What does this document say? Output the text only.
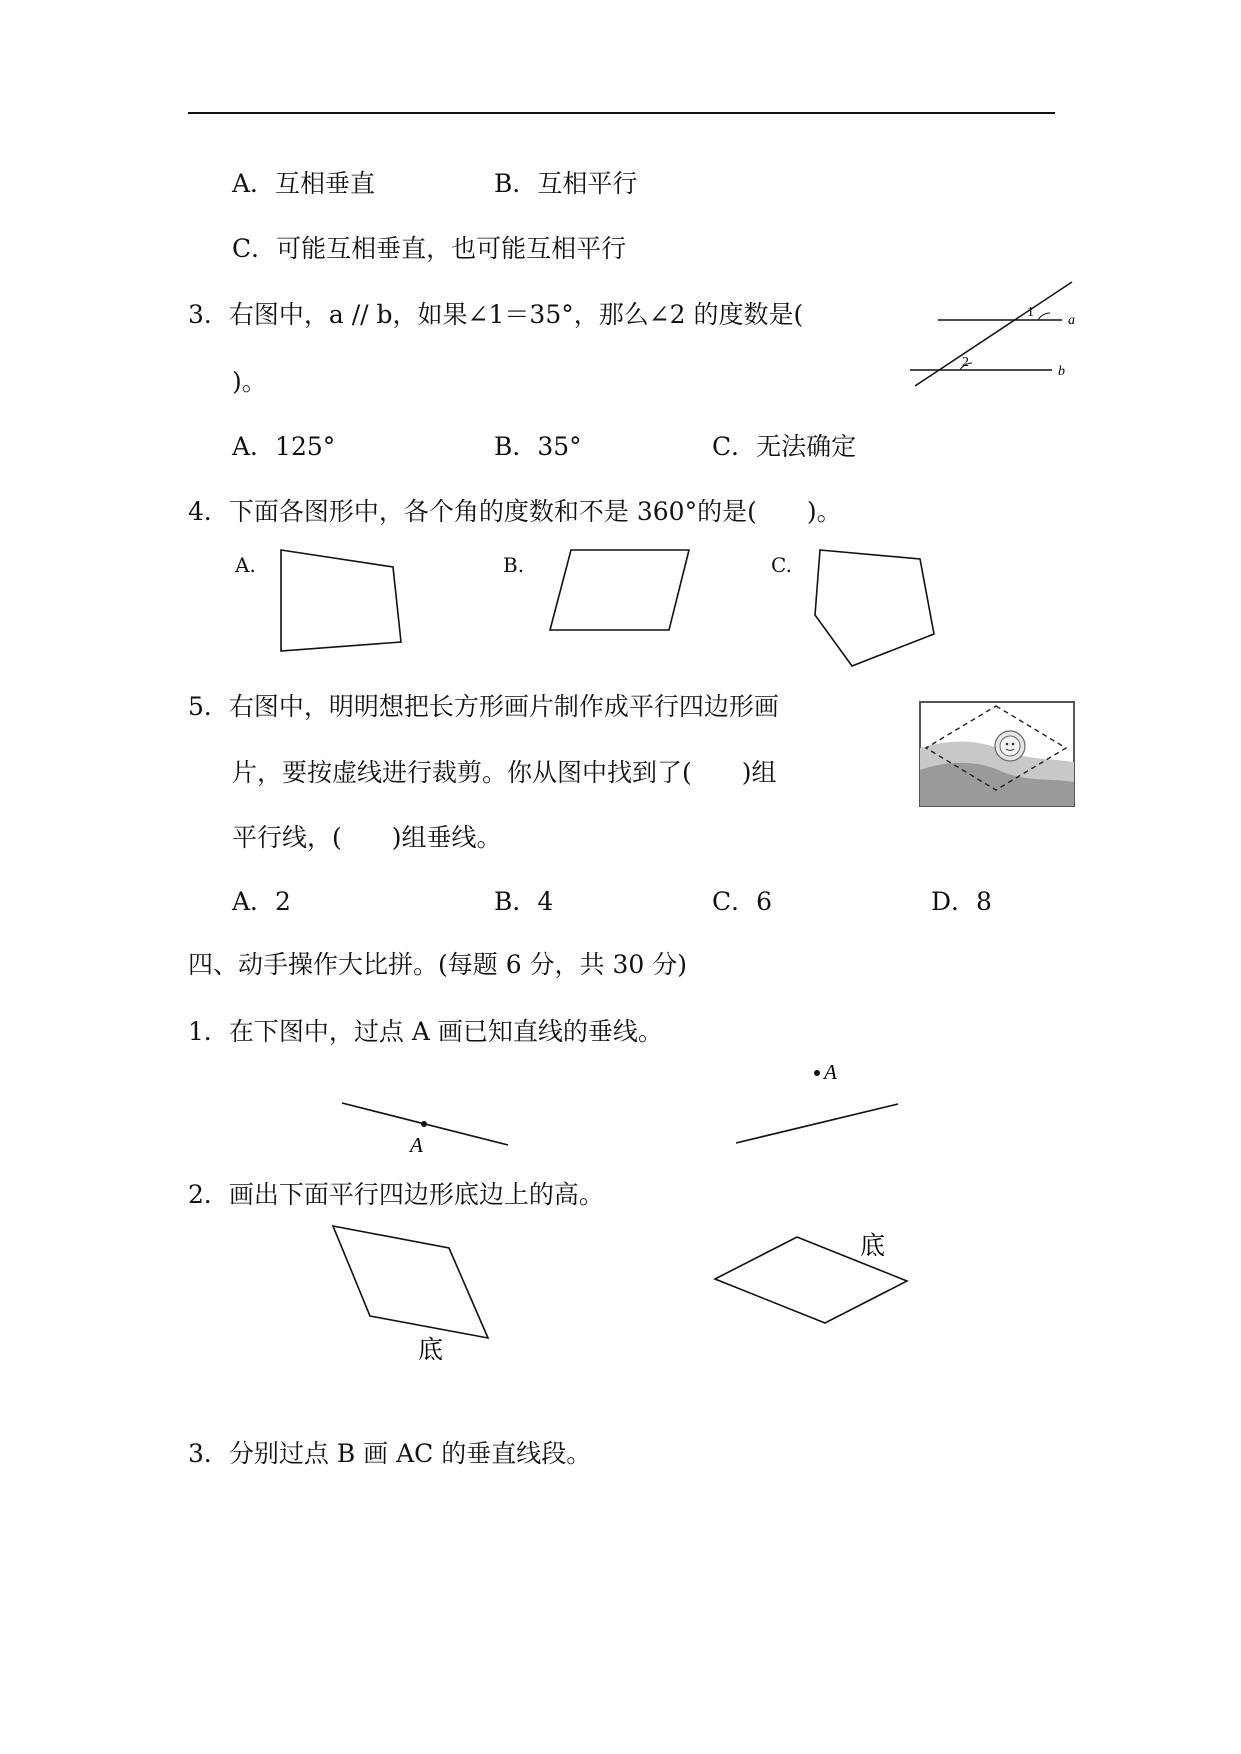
A．互相垂直	B．互相平行
C．可能互相垂直，也可能互相平行
3．右图中，a // b，如果∠1＝35°，那么∠2 的度数是(
)。
1
2
a
b
A．125°	B．35°	C．无法确定
4．下面各图形中，各个角的度数和不是 360°的是(　　)。
A.	B.	C.
5．右图中，明明想把长方形画片制作成平行四边形画
片，要按虚线进行裁剪。你从图中找到了(　　)组
平行线，(　　)组垂线。
A．2	B．4	C．6	D．8
四、动手操作大比拼。(每题 6 分，共 30 分)
1．在下图中，过点 A 画已知直线的垂线。
A
A
2．画出下面平行四边形底边上的高。
底
底
3．分别过点 B 画 AC 的垂直线段。
